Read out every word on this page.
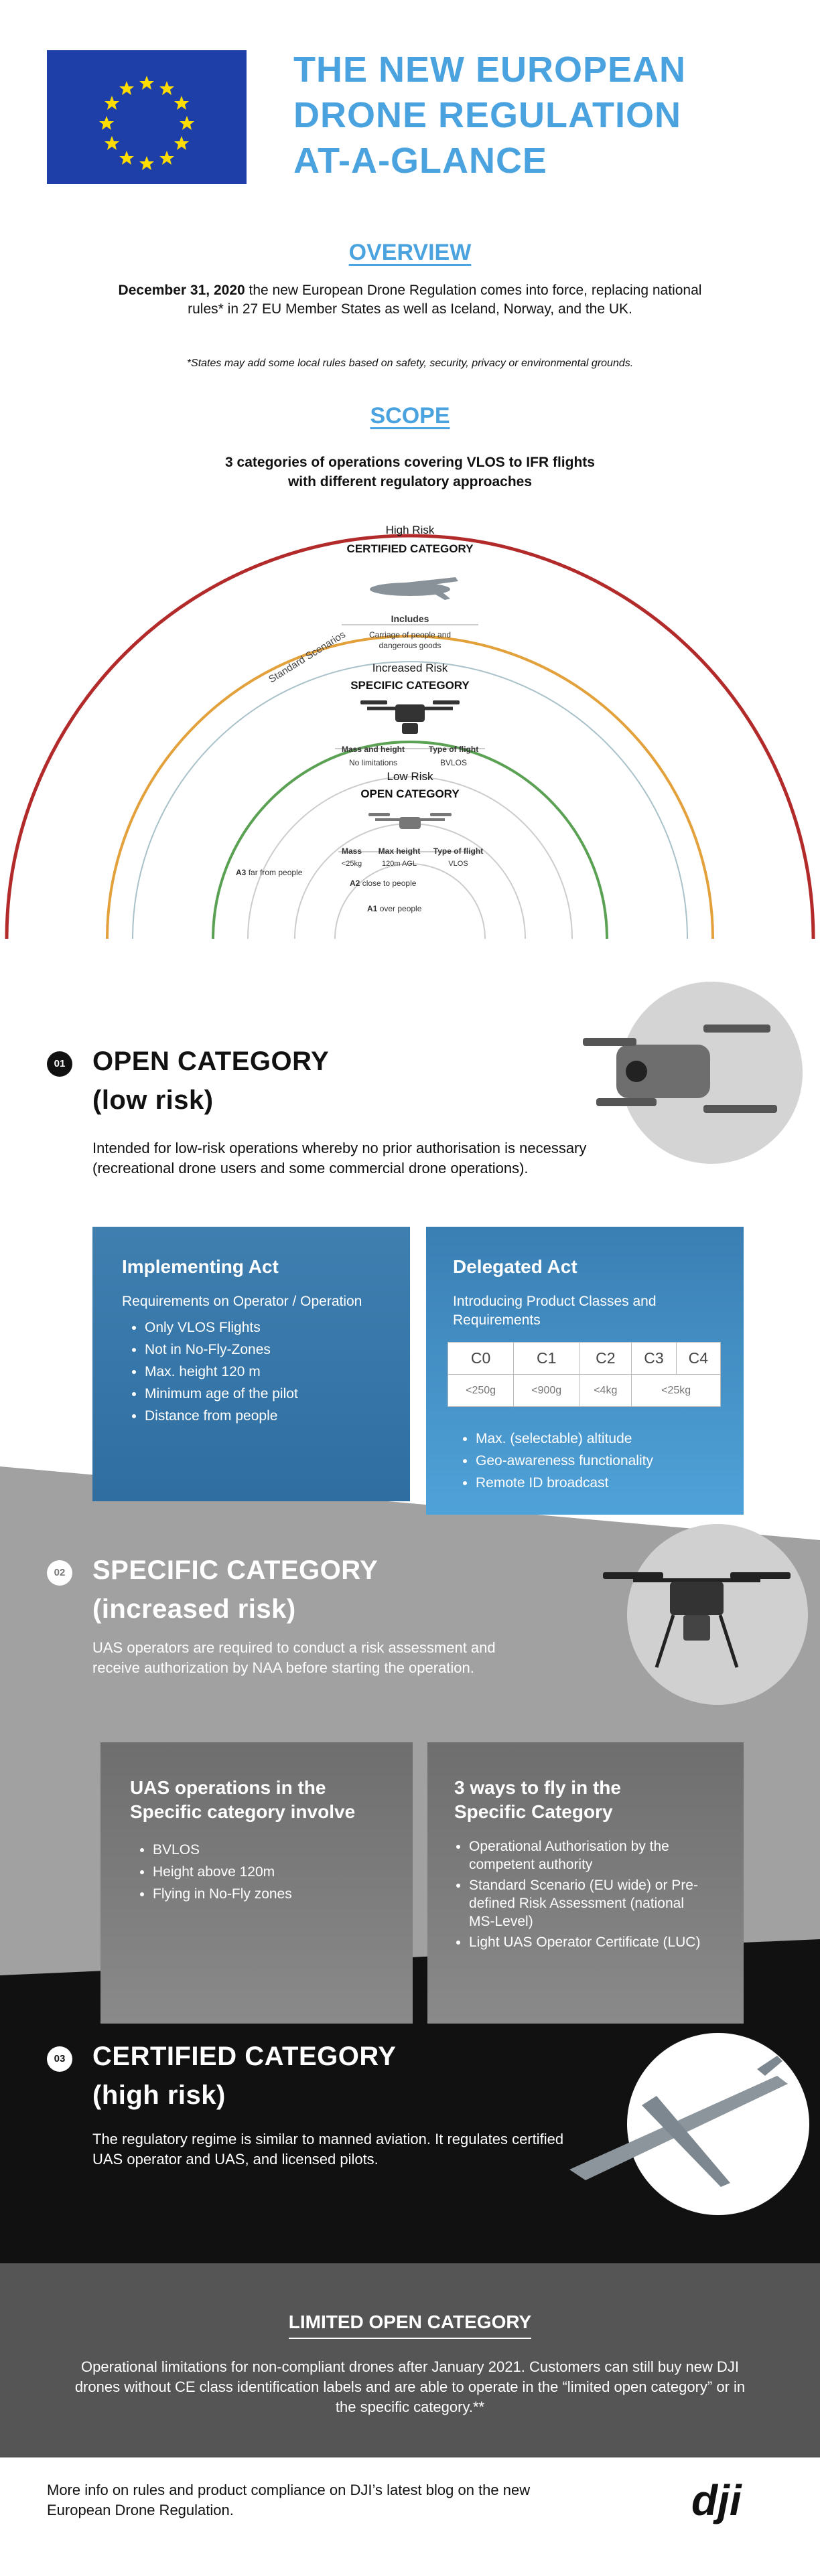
THE NEW EUROPEAN
DRONE REGULATION
AT-A-GLANCE
OVERVIEW
December 31, 2020 the new European Drone Regulation comes into force, replacing national rules* in 27 EU Member States as well as Iceland, Norway, and the UK.
*States may add some local rules based on safety, security, privacy or environmental grounds.
SCOPE
3 categories of operations covering VLOS to IFR flights
with different regulatory approaches
Standard Scenarios
High Risk
CERTIFIED CATEGORY
Includes
Carriage of people and
dangerous goods
Increased Risk
SPECIFIC CATEGORY
Mass and height	Type of flight
No limitations	BVLOS
Low Risk
OPEN CATEGORY
Mass	Max height	Type of flight
<25kg	120m AGL	VLOS
A3 far from people
A2 close to people
A1 over people
01 OPEN CATEGORY
(low risk)
Intended for low-risk operations whereby no prior authorisation is necessary (recreational drone users and some commercial drone operations).
Implementing Act
Requirements on Operator / Operation
• Only VLOS Flights
• Not in No-Fly-Zones
• Max. height 120 m
• Minimum age of the pilot
• Distance from people
Delegated Act
Introducing Product Classes and Requirements
C0	C1	C2	C3	C4
<250g	<900g	<4kg	<25kg	
• Max. (selectable) altitude
• Geo-awareness functionality
• Remote ID broadcast
02 SPECIFIC CATEGORY
(increased risk)
UAS operators are required to conduct a risk assessment and receive authorization by NAA before starting the operation.
UAS operations in the Specific category involve
• BVLOS
• Height above 120m
• Flying in No-Fly zones
3 ways to fly in the Specific Category
• Operational Authorisation by the competent authority
• Standard Scenario (EU wide) or Pre-defined Risk Assessment (national MS-Level)
• Light UAS Operator Certificate (LUC)
03 CERTIFIED CATEGORY
(high risk)
The regulatory regime is similar to manned aviation. It regulates certified UAS operator and UAS, and licensed pilots.
LIMITED OPEN CATEGORY
Operational limitations for non-compliant drones after January 2021. Customers can still buy new DJI drones without CE class identification labels and are able to operate in the “limited open category” or in the specific category.**
More info on rules and product compliance on DJI’s latest blog on the new European Drone Regulation.	dji
